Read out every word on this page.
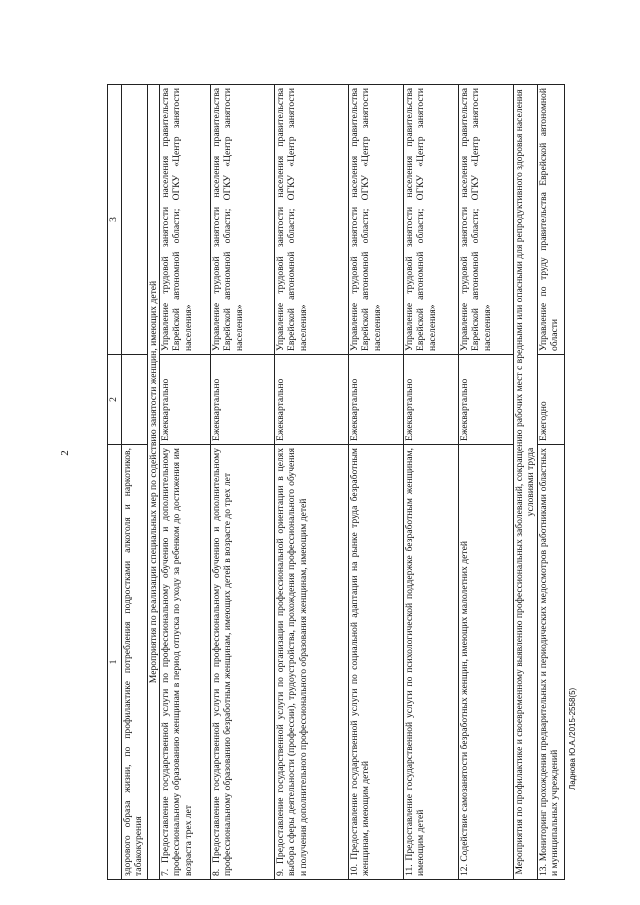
2
1	2	3
здорового образа жизни, по профилактике потребления подростками алкоголя и наркотиков, табакокурения		
Мероприятия по реализации специальных мер по содействию занятости женщин, имеющих детей		
7. Предоставление государственной услуги по профессиональному обучению и дополнительному профессиональному образованию женщинам в период отпуска по уходу за ребенком до достижения им возраста трех лет	Ежеквартально	Управление трудовой занятости населения правительства Еврейской автономной области; ОГКУ «Центр занятости населения»
8. Предоставление государственной услуги по профессиональному обучению и дополнительному профессиональному образованию безработным женщинам, имеющих детей в возрасте до трех лет	Ежеквартально	Управление трудовой занятости населения правительства Еврейской автономной области; ОГКУ «Центр занятости населения»
9. Предоставление государственной услуги по организации профессиональной ориентации в целях выбора сферы деятельности (профессии), трудоустройства, прохождения профессионального обучения и получения дополнительного профессионального образования женщинам, имеющим детей	Ежеквартально	Управление трудовой занятости населения правительства Еврейской автономной области; ОГКУ «Центр занятости населения»
10. Предоставление государственной услуги по социальной адаптации на рынке труда безработным женщинам, имеющим детей	Ежеквартально	Управление трудовой занятости населения правительства Еврейской автономной области; ОГКУ «Центр занятости населения»
11. Предоставление государственной услуги по психологической поддержке безработным женщинам, имеющим детей	Ежеквартально	Управление трудовой занятости населения правительства Еврейской автономной области; ОГКУ «Центр занятости населения»
12. Содействие самозанятости безработных женщин, имеющих малолетних детей	Ежеквартально	Управление трудовой занятости населения правительства Еврейской автономной области; ОГКУ «Центр занятости населения»
Мероприятия по профилактике и своевременному выявлению профессиональных заболеваний, сокращению рабочих мест с вредными или опасными для репродуктивного здоровья населения условиями труда		
13. Мониторинг прохождения предварительных и периодических медосмотров работниками областных и муниципальных учреждений	Ежегодно	Управление по труду правительства Еврейской автономной области
Ладнова Ю.А./2015-2558(5)
